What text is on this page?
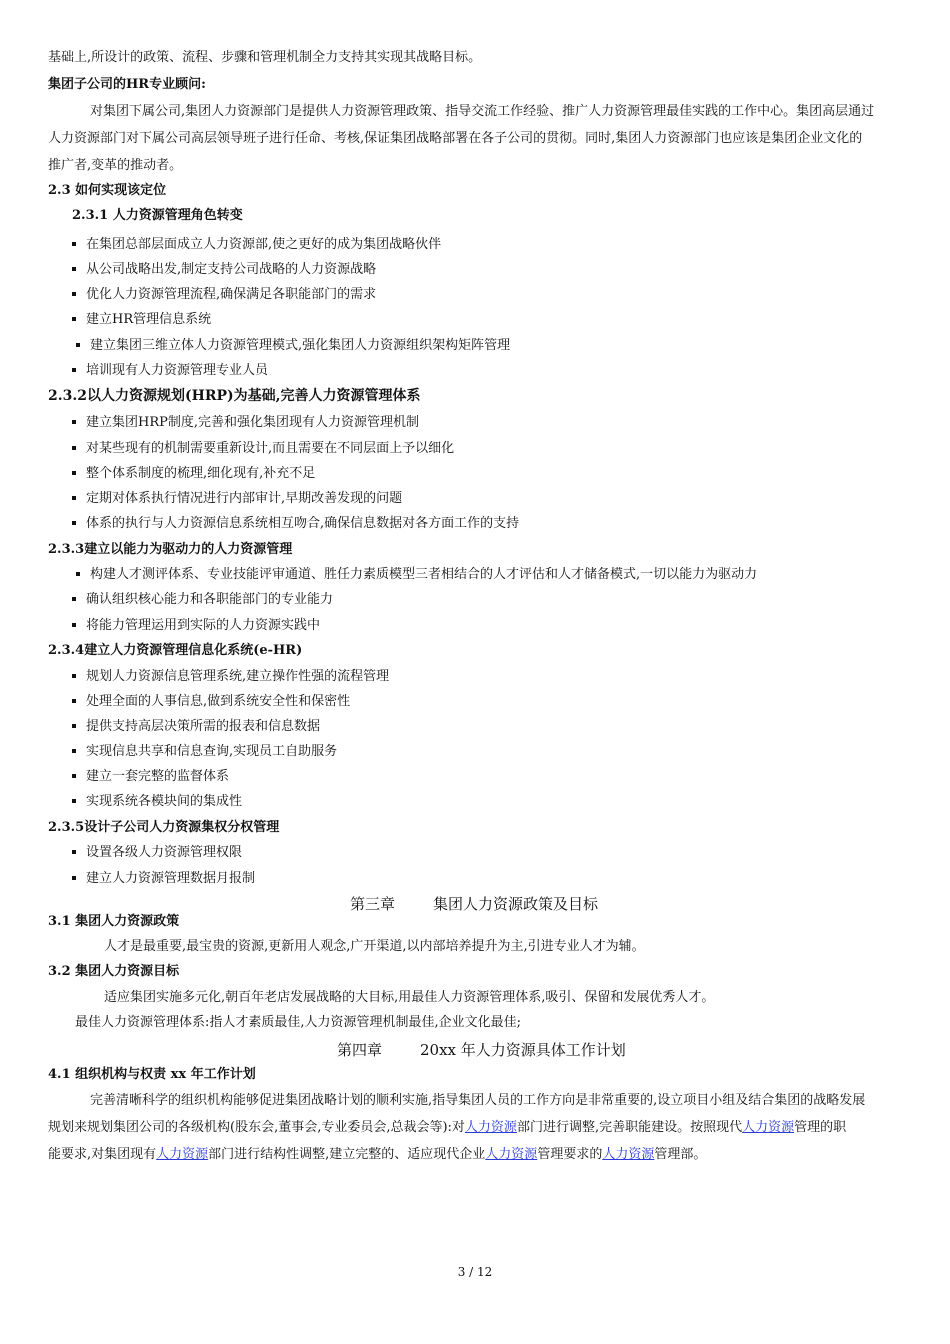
基础上,所设计的政策、流程、步骤和管理机制全力支持其实现其战略目标。
集团子公司的HR专业顾问:
对集团下属公司,集团人力资源部门是提供人力资源管理政策、指导交流工作经验、推广人力资源管理最佳实践的工作中心。集团高层通过
人力资源部门对下属公司高层领导班子进行任命、考核,保证集团战略部署在各子公司的贯彻。同时,集团人力资源部门也应该是集团企业文化的
推广者,变革的推动者。
2.3 如何实现该定位
2.3.1 人力资源管理角色转变
在集团总部层面成立人力资源部,使之更好的成为集团战略伙伴
从公司战略出发,制定支持公司战略的人力资源战略
优化人力资源管理流程,确保满足各职能部门的需求
建立HR管理信息系统
建立集团三维立体人力资源管理模式,强化集团人力资源组织架构矩阵管理
培训现有人力资源管理专业人员
2.3.2以人力资源规划(HRP)为基础,完善人力资源管理体系
建立集团HRP制度,完善和强化集团现有人力资源管理机制
对某些现有的机制需要重新设计,而且需要在不同层面上予以细化
整个体系制度的梳理,细化现有,补充不足
定期对体系执行情况进行内部审计,早期改善发现的问题
体系的执行与人力资源信息系统相互吻合,确保信息数据对各方面工作的支持
2.3.3建立以能力为驱动力的人力资源管理
构建人才测评体系、专业技能评审通道、胜任力素质模型三者相结合的人才评估和人才储备模式,一切以能力为驱动力
确认组织核心能力和各职能部门的专业能力
将能力管理运用到实际的人力资源实践中
2.3.4建立人力资源管理信息化系统(e-HR)
规划人力资源信息管理系统,建立操作性强的流程管理
处理全面的人事信息,做到系统安全性和保密性
提供支持高层决策所需的报表和信息数据
实现信息共享和信息查询,实现员工自助服务
建立一套完整的监督体系
实现系统各模块间的集成性
2.3.5设计子公司人力资源集权分权管理
设置各级人力资源管理权限
建立人力资源管理数据月报制
第三章	集团人力资源政策及目标
3.1 集团人力资源政策
人才是最重要,最宝贵的资源,更新用人观念,广开渠道,以内部培养提升为主,引进专业人才为辅。
3.2 集团人力资源目标
适应集团实施多元化,朝百年老店发展战略的大目标,用最佳人力资源管理体系,吸引、保留和发展优秀人才。
最佳人力资源管理体系:指人才素质最佳,人力资源管理机制最佳,企业文化最佳;
第四章	20xx 年人力资源具体工作计划
4.1 组织机构与权责 xx 年工作计划
完善清晰科学的组织机构能够促进集团战略计划的顺利实施,指导集团人员的工作方向是非常重要的,设立项目小组及结合集团的战略发展
规划来规划集团公司的各级机构(股东会,董事会,专业委员会,总裁会等):对人力资源部门进行调整,完善职能建设。按照现代人力资源管理的职
能要求,对集团现有人力资源部门进行结构性调整,建立完整的、适应现代企业人力资源管理要求的人力资源管理部。
3 / 12
